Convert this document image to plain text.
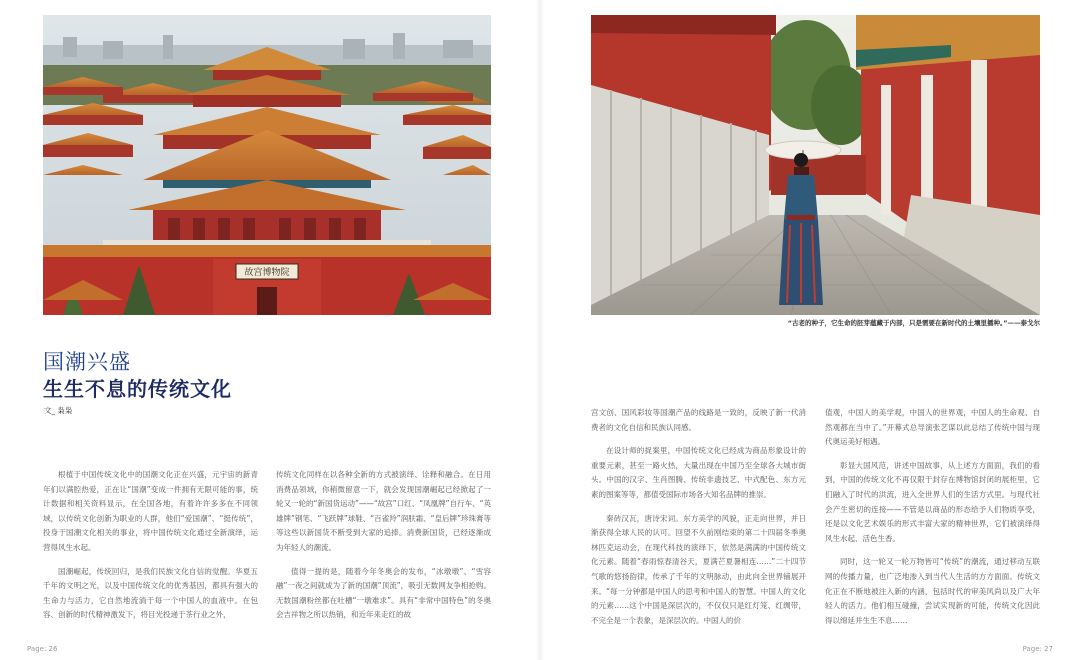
故宫博物院
国潮兴盛
生生不息的传统文化
文_ 枭枭

根植于中国传统文化中的国潮文化正在兴盛，元宇宙的新青年们以满腔热爱，正在让“国潮”变成一件拥有无限可能的事，统计数据和相关资料显示，在全国各地，有着许许多多在不同领域，以传统文化创新为职业的人群，他们“爱国潮”、“挺传统”，投身于国潮文化相关的事业，将中国传统文化通过全新演绎，运营得风生水起。

国潮崛起，传统回归，是我们民族文化自信的觉醒。华夏五千年的文明之光，以及中国传统文化的优秀基因，都具有强大的生命力与活力，它自然地流淌于每一个中国人的血液中。在包容、创新的时代精神激发下，将目光投递于茶行业之外，

传统文化同样在以各种全新的方式被演绎、诠释和融合。在日用消费品领域，你稍微留意一下，就会发现国潮崛起已经掀起了一轮又一轮的“新国货运动”——“故宫”口红、“凤凰牌”自行车、“英雄牌”钢笔、“飞跃牌”球鞋、“百雀羚”润肤霜、“皇后牌”珍珠膏等等这些以新国货不断受到大家的追捧。消费新国货，已经逐渐成为年轻人的潮流。

值得一提的是，随着今年冬奥会的发布，“冰墩墩”、“雪容融”一夜之间就成为了新的国潮“顶流”，吸引无数网友争相抢购。无数国潮粉丝都在吐槽“一墩难求”。具有“非常中国特色”的冬奥会吉祥物之所以热销，和近年来走红的故

Page: 26
“古老的种子，它生命的胚芽蕴藏于内部，只是需要在新时代的土壤里播种。”——泰戈尔

宫文创、国风彩妆等国潮产品的线路是一致的，反映了新一代消费者的文化自信和民族认同感。

在设计师的捉案里，中国传统文化已经成为商品形象设计的重要元素，甚至一路火热，大量出现在中国乃至全球各大城市街头。中国的汉字、生肖图腾、传统非遗技艺、中式配色、东方元素的图案等等，都值受国际市场各大知名品牌的推崇。

秦砖汉瓦，唐诗宋词。东方美学的风貌，正走向世界，并日渐获得全球人民的认可。回望不久前刚结束的第二十四届冬季奥林匹克运动会，在现代科技的演绎下，依然是满满的中国传统文化元素。随着“春雨惊春清谷天，夏满芒夏暑相连……”二十四节气歌的悠扬韵律，传承了千年的文明脉动，由此向全世界铺展开来。“每一分钟都是中国人的思考和中国人的智慧。中国人的文化的元素……这个中国是深层次的，不仅仅只是红灯笼、红绸带，不完全是一个表象，是深层次的。中国人的价

值观，中国人的美学观，中国人的世界观，中国人的生命观、自然观都在当中了。”开幕式总导演张艺谋以此总结了传统中国与现代奥运美好相遇。

彰显大国风范，讲述中国故事，从上述方方面面，我们的看到，中国的传统文化不再仅限于封存在博物馆封闭的展柜里，它们融入了时代的洪流，进入全世界人们的生活方式里。与现代社会产生密切的连接——不管是以商品的形态给予人们物质享受，还是以文化艺术娱乐的形式丰富大家的精神世界，它们被演绎得风生水起、活色生香。

同时，这一轮又一轮万物皆可“传统”的潮流，通过移动互联网的传播力量，也广泛地渗入到当代人生活的方方面面。传统文化正在不断地被注入新的内涵，包括时代的审美风尚以及广大年轻人的活力。他们相互碰撞，尝试实现新的可能，传统文化因此得以绵延并生生不息……

Page: 27
